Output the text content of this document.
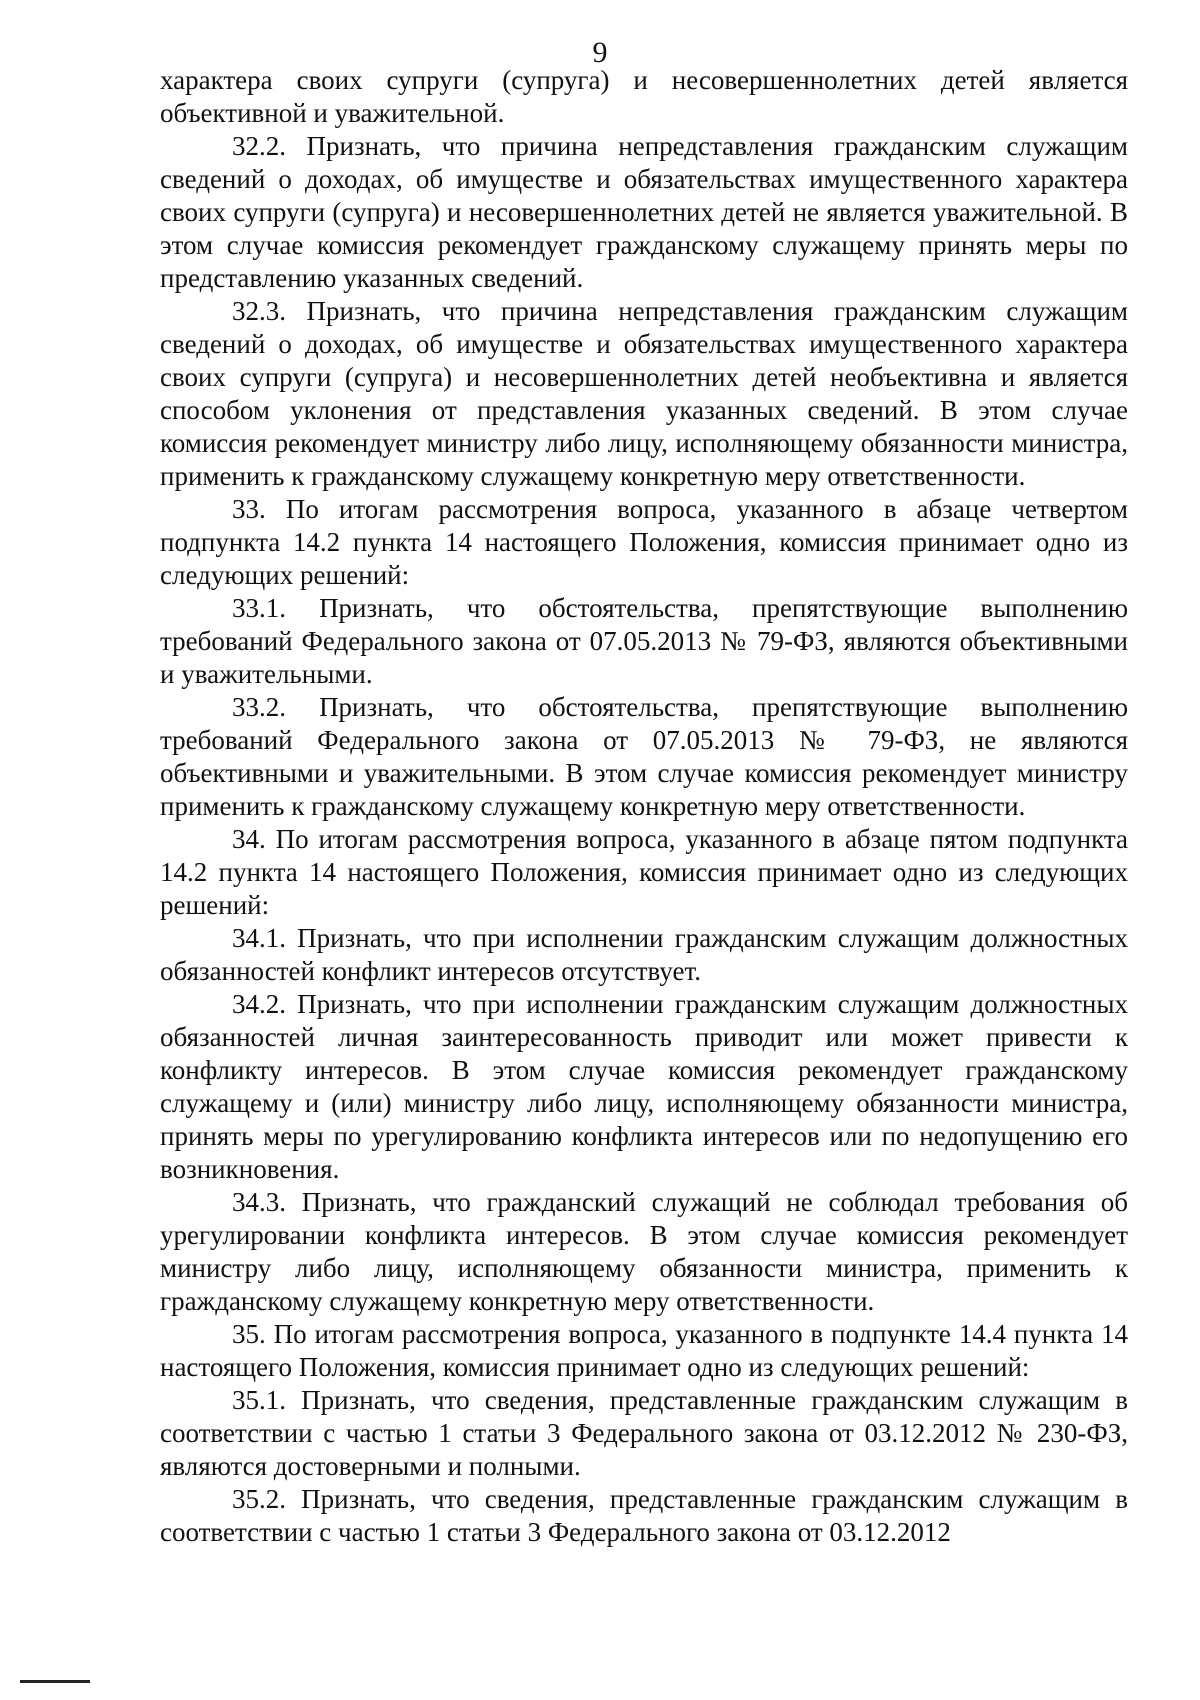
9

характера своих супруги (супруга) и несовершеннолетних детей является объективной и уважительной.

32.2. Признать, что причина непредставления гражданским служащим сведений о доходах, об имуществе и обязательствах имущественного характера своих супруги (супруга) и несовершеннолетних детей не является уважительной. В этом случае комиссия рекомендует гражданскому служащему принять меры по представлению указанных сведений.

32.3. Признать, что причина непредставления гражданским служащим сведений о доходах, об имуществе и обязательствах имущественного характера своих супруги (супруга) и несовершеннолетних детей необъективна и является способом уклонения от представления указанных сведений. В этом случае комиссия рекомендует министру либо лицу, исполняющему обязанности министра, применить к гражданскому служащему конкретную меру ответственности.

33. По итогам рассмотрения вопроса, указанного в абзаце четвертом подпункта 14.2 пункта 14 настоящего Положения, комиссия принимает одно из следующих решений:

33.1. Признать, что обстоятельства, препятствующие выполнению требований Федерального закона от 07.05.2013 № 79-ФЗ, являются объективными и уважительными.

33.2. Признать, что обстоятельства, препятствующие выполнению требований Федерального закона от 07.05.2013 № 79-ФЗ, не являются объективными и уважительными. В этом случае комиссия рекомендует министру применить к гражданскому служащему конкретную меру ответственности.

34. По итогам рассмотрения вопроса, указанного в абзаце пятом подпункта 14.2 пункта 14 настоящего Положения, комиссия принимает одно из следующих решений:

34.1. Признать, что при исполнении гражданским служащим должностных обязанностей конфликт интересов отсутствует.

34.2. Признать, что при исполнении гражданским служащим должностных обязанностей личная заинтересованность приводит или может привести к конфликту интересов. В этом случае комиссия рекомендует гражданскому служащему и (или) министру либо лицу, исполняющему обязанности министра, принять меры по урегулированию конфликта интересов или по недопущению его возникновения.

34.3. Признать, что гражданский служащий не соблюдал требования об урегулировании конфликта интересов. В этом случае комиссия рекомендует министру либо лицу, исполняющему обязанности министра, применить к гражданскому служащему конкретную меру ответственности.

35. По итогам рассмотрения вопроса, указанного в подпункте 14.4 пункта 14 настоящего Положения, комиссия принимает одно из следующих решений:

35.1. Признать, что сведения, представленные гражданским служащим в соответствии с частью 1 статьи 3 Федерального закона от 03.12.2012 № 230-ФЗ, являются достоверными и полными.

35.2. Признать, что сведения, представленные гражданским служащим в соответствии с частью 1 статьи 3 Федерального закона от 03.12.2012
